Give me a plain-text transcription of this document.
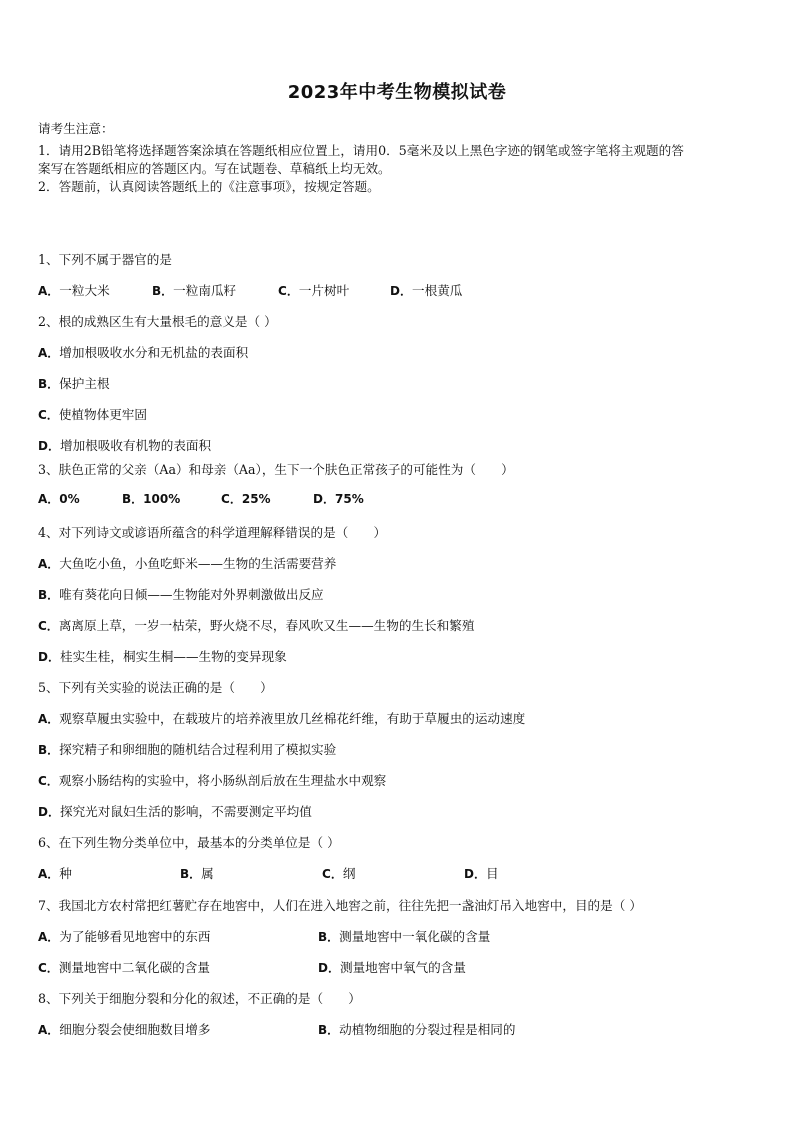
2023年中考生物模拟试卷
请考生注意：
1．请用2B铅笔将选择题答案涂填在答题纸相应位置上，请用0．5毫米及以上黑色字迹的钢笔或签字笔将主观题的答
案写在答题纸相应的答题区内。写在试题卷、草稿纸上均无效。
2．答题前，认真阅读答题纸上的《注意事项》，按规定答题。
1、下列不属于器官的是
A．一粒大米	B．一粒南瓜籽	C．一片树叶	D．一根黄瓜
2、根的成熟区生有大量根毛的意义是（ ）
A．增加根吸收水分和无机盐的表面积
B．保护主根
C．使植物体更牢固
D．增加根吸收有机物的表面积
3、肤色正常的父亲（Aa）和母亲（Aa），生下一个肤色正常孩子的可能性为（　　）
A．0%	B．100%	C．25%	D．75%
4、对下列诗文或谚语所蕴含的科学道理解释错误的是（　　）
A．大鱼吃小鱼，小鱼吃虾米——生物的生活需要营养
B．唯有葵花向日倾——生物能对外界刺激做出反应
C．离离原上草，一岁一枯荣，野火烧不尽，春风吹又生——生物的生长和繁殖
D．桂实生桂，桐实生桐——生物的变异现象
5、下列有关实验的说法正确的是（　　）
A．观察草履虫实验中，在载玻片的培养液里放几丝棉花纤维，有助于草履虫的运动速度
B．探究精子和卵细胞的随机结合过程利用了模拟实验
C．观察小肠结构的实验中，将小肠纵剖后放在生理盐水中观察
D．探究光对鼠妇生活的影响，不需要测定平均值
6、在下列生物分类单位中，最基本的分类单位是（ ）
A．种	B．属	C．纲	D．目
7、我国北方农村常把红薯贮存在地窖中，人们在进入地窖之前，往往先把一盏油灯吊入地窖中，目的是（ ）
A．为了能够看见地窖中的东西	B．测量地窖中一氧化碳的含量
C．测量地窖中二氧化碳的含量	D．测量地窖中氧气的含量
8、下列关于细胞分裂和分化的叙述，不正确的是（　　）
A．细胞分裂会使细胞数目增多	B．动植物细胞的分裂过程是相同的
